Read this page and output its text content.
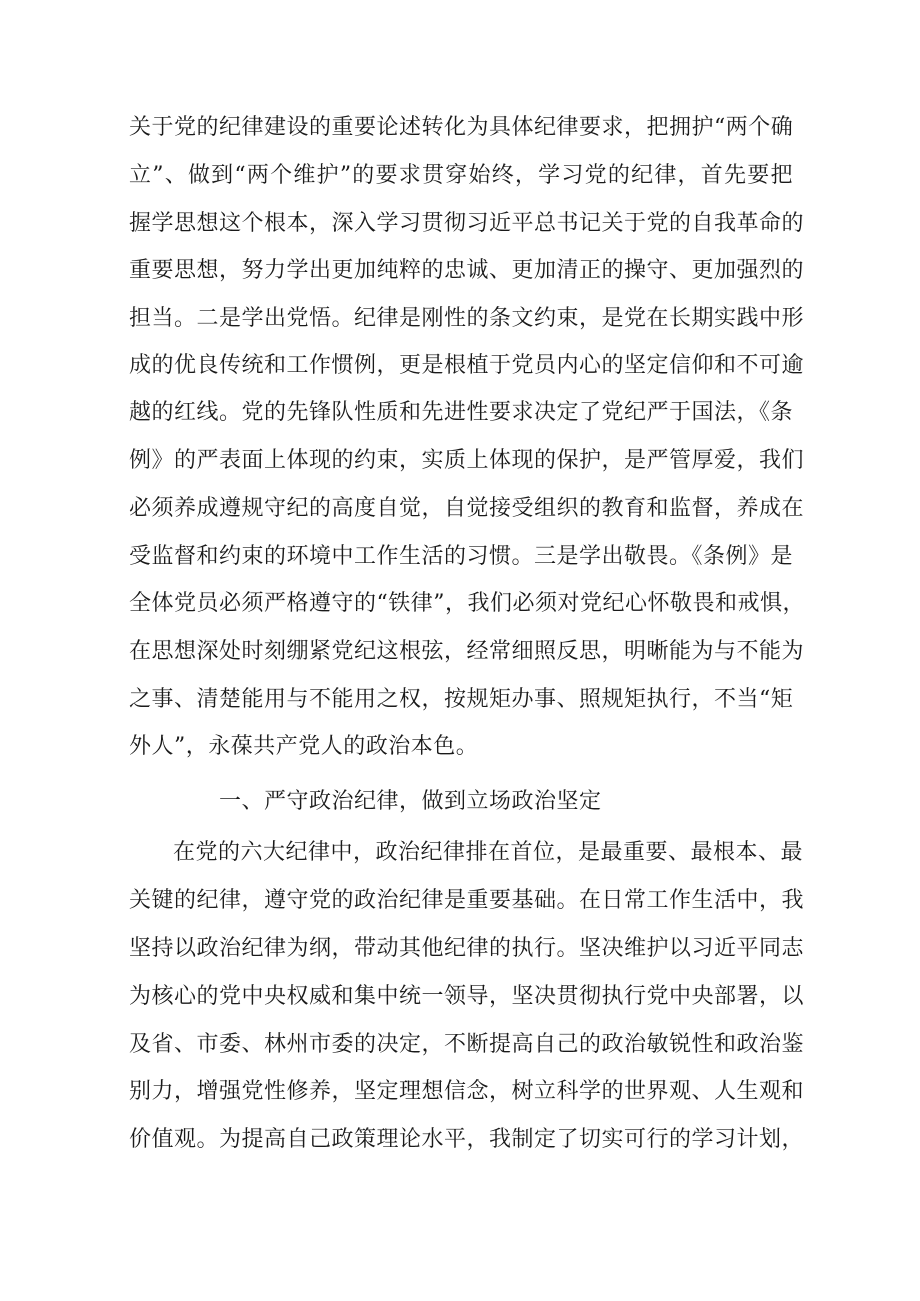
关于党的纪律建设的重要论述转化为具体纪律要求，把拥护“两个确
立”、做到“两个维护”的要求贯穿始终，学习党的纪律，首先要把
握学思想这个根本，深入学习贯彻习近平总书记关于党的自我革命的
重要思想，努力学出更加纯粹的忠诚、更加清正的操守、更加强烈的
担当。二是学出党悟。纪律是刚性的条文约束，是党在长期实践中形
成的优良传统和工作惯例，更是根植于党员内心的坚定信仰和不可逾
越的红线。党的先锋队性质和先进性要求决定了党纪严于国法，《条
例》的严表面上体现的约束，实质上体现的保护，是严管厚爱，我们
必须养成遵规守纪的高度自觉，自觉接受组织的教育和监督，养成在
受监督和约束的环境中工作生活的习惯。三是学出敬畏。《条例》是
全体党员必须严格遵守的“铁律”，我们必须对党纪心怀敬畏和戒惧，
在思想深处时刻绷紧党纪这根弦，经常细照反思，明晰能为与不能为
之事、清楚能用与不能用之权，按规矩办事、照规矩执行，不当“矩
外人”，永葆共产党人的政治本色。
一、严守政治纪律，做到立场政治坚定
在党的六大纪律中，政治纪律排在首位，是最重要、最根本、最
关键的纪律，遵守党的政治纪律是重要基础。在日常工作生活中，我
坚持以政治纪律为纲，带动其他纪律的执行。坚决维护以习近平同志
为核心的党中央权威和集中统一领导，坚决贯彻执行党中央部署，以
及省、市委、林州市委的决定，不断提高自己的政治敏锐性和政治鉴
别力，增强党性修养，坚定理想信念，树立科学的世界观、人生观和
价值观。为提高自己政策理论水平，我制定了切实可行的学习计划，
